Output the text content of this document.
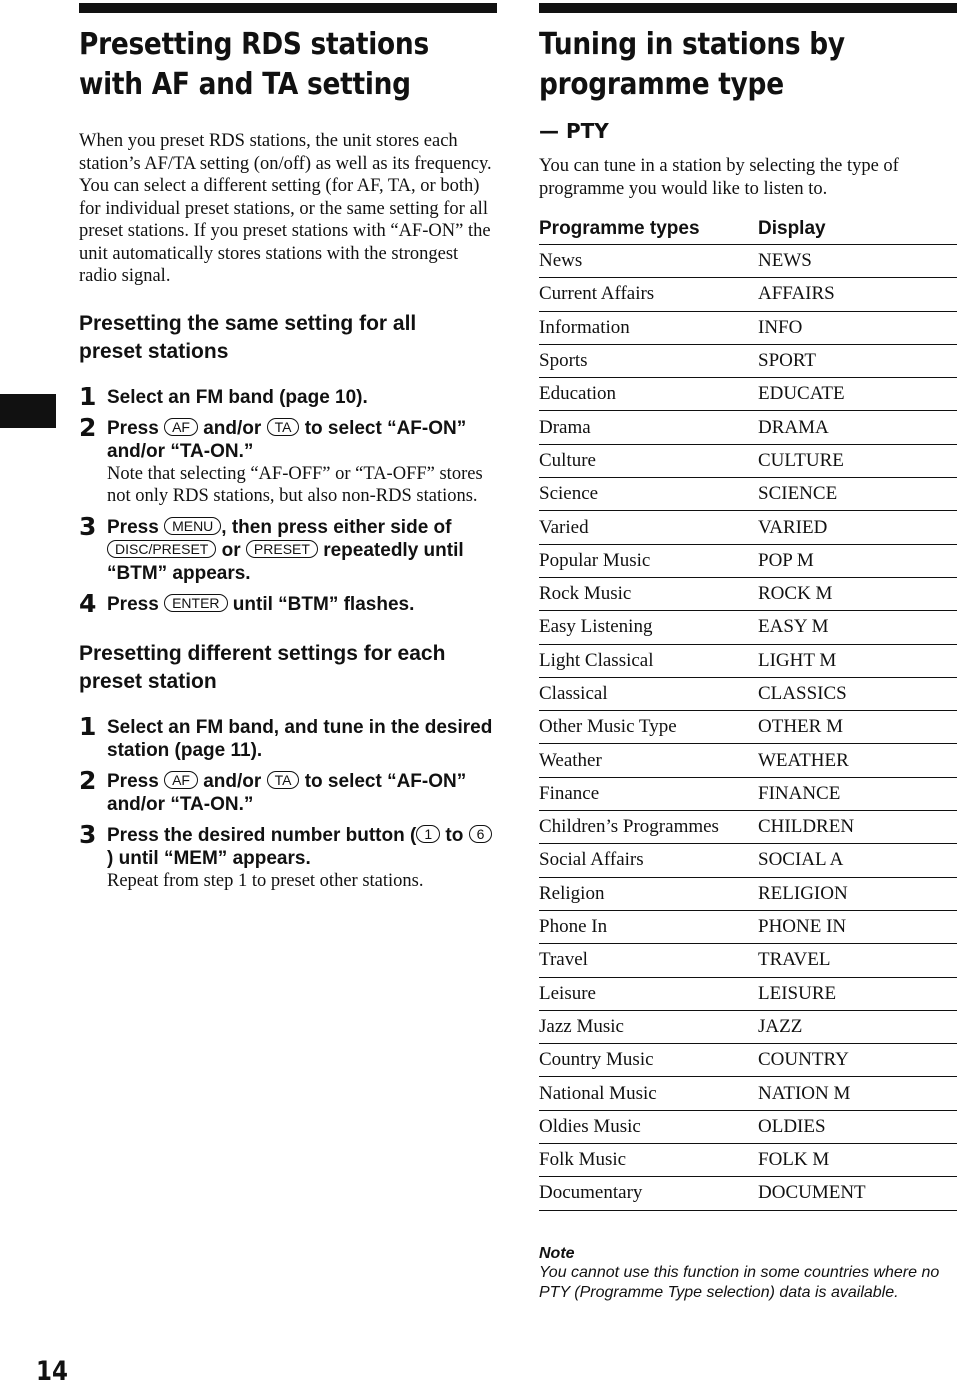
Presetting RDS stations with AF and TA setting
When you preset RDS stations, the unit stores each station’s AF/TA setting (on/off) as well as its frequency. You can select a different setting (for AF, TA, or both) for individual preset stations, or the same setting for all preset stations. If you preset stations with “AF-ON” the unit automatically stores stations with the strongest radio signal.
Presetting the same setting for all preset stations
1 Select an FM band (page 10).
2 Press AF and/or TA to select “AF-ON” and/or “TA-ON.”
Note that selecting “AF-OFF” or “TA-OFF” stores not only RDS stations, but also non-RDS stations.
3 Press MENU , then press either side of DISC/PRESET or PRESET repeatedly until “BTM” appears.
4 Press ENTER until “BTM” flashes.
Presetting different settings for each preset station
1 Select an FM band, and tune in the desired station (page 11).
2 Press AF and/or TA to select “AF-ON” and/or “TA-ON.”
3 Press the desired number button ( 1 to 6) until “MEM” appears.
Repeat from step 1 to preset other stations.
Tuning in stations by programme type
— PTY
You can tune in a station by selecting the type of programme you would like to listen to.
Programme types	Display
News	NEWS
Current Affairs	AFFAIRS
Information	INFO
Sports	SPORT
Education	EDUCATE
Drama	DRAMA
Culture	CULTURE
Science	SCIENCE
Varied	VARIED
Popular Music	POP M
Rock Music	ROCK M
Easy Listening	EASY M
Light Classical	LIGHT M
Classical	CLASSICS
Other Music Type	OTHER M
Weather	WEATHER
Finance	FINANCE
Children’s Programmes	CHILDREN
Social Affairs	SOCIAL A
Religion	RELIGION
Phone In	PHONE IN
Travel	TRAVEL
Leisure	LEISURE
Jazz Music	JAZZ
Country Music	COUNTRY
National Music	NATION M
Oldies Music	OLDIES
Folk Music	FOLK M
Documentary	DOCUMENT
Note
You cannot use this function in some countries where no PTY (Programme Type selection) data is available.
14
